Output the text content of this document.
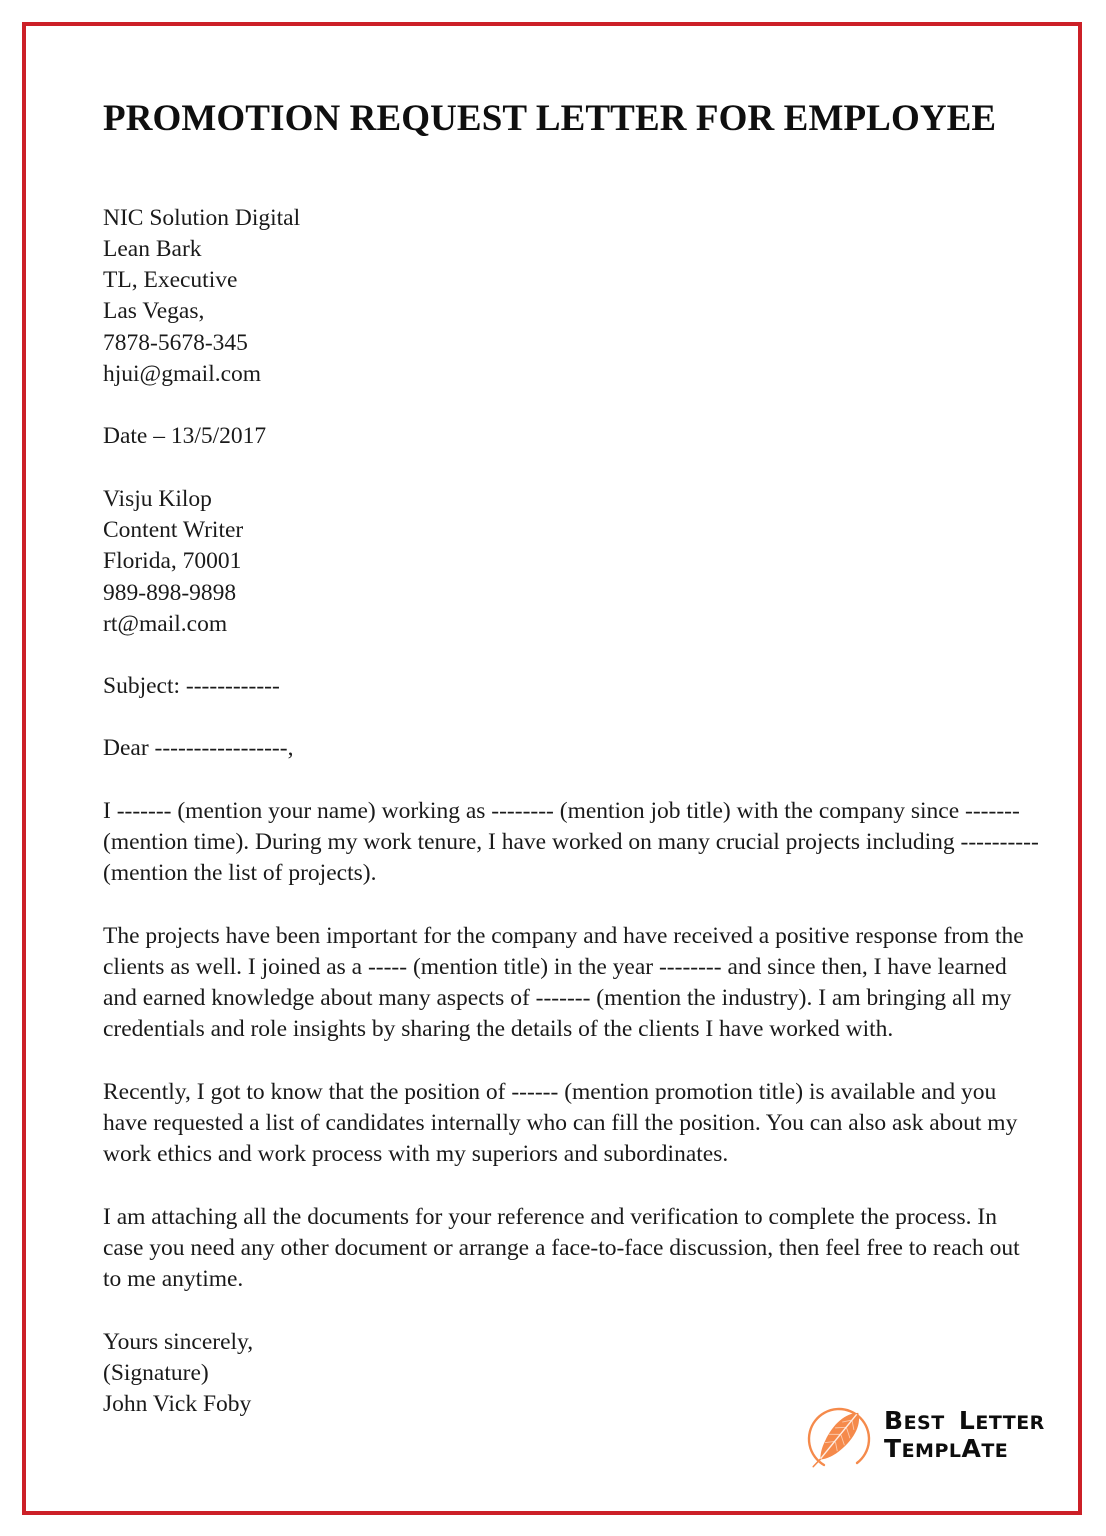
PROMOTION REQUEST LETTER FOR EMPLOYEE
NIC Solution Digital
Lean Bark
TL, Executive
Las Vegas,
7878-5678-345
hjui@gmail.com
Date – 13/5/2017
Visju Kilop
Content Writer
Florida, 70001
989-898-9898
rt@mail.com
Subject: ------------
Dear -----------------,

I ------- (mention your name) working as -------- (mention job title) with the company since ------- (mention time). During my work tenure, I have worked on many crucial projects including ---------- (mention the list of projects).

The projects have been important for the company and have received a positive response from the clients as well. I joined as a ----- (mention title) in the year -------- and since then, I have learned and earned knowledge about many aspects of ------- (mention the industry). I am bringing all my credentials and role insights by sharing the details of the clients I have worked with.

Recently, I got to know that the position of ------ (mention promotion title) is available and you have requested a list of candidates internally who can fill the position. You can also ask about my work ethics and work process with my superiors and subordinates.

I am attaching all the documents for your reference and verification to complete the process. In case you need any other document or arrange a face-to-face discussion, then feel free to reach out to me anytime.

Yours sincerely,
(Signature)
John Vick Foby
BEST LETTER
TEMPLATE
